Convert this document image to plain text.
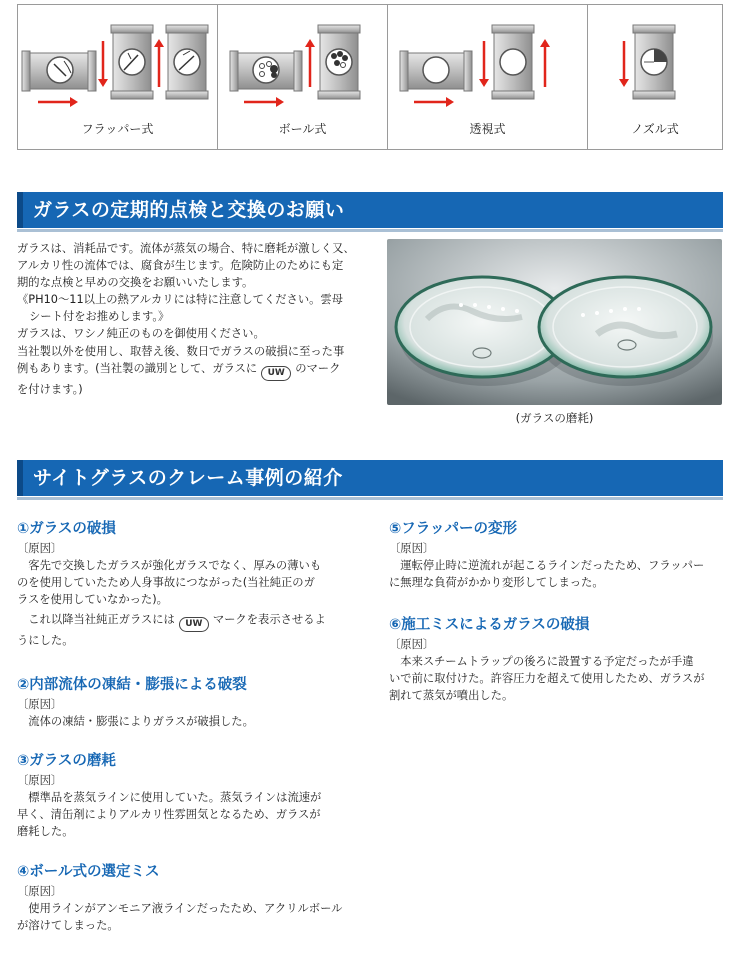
フラッパー式	ボール式	透視式	ノズル式
ガラスの定期的点検と交換のお願い

ガラスは、消耗品です。流体が蒸気の場合、特に磨耗が激しく又、

アルカリ性の流体では、腐食が生じます。危険防止のためにも定

期的な点検と早めの交換をお願いいたします。

《PH10～11以上の熱アルカリには特に注意してください。雲母

シート付をお推めします。》

ガラスは、ワシノ純正のものを御使用ください。

当社製以外を使用し、取替え後、数日でガラスの破損に至った事

例もあります。(当社製の識別として、ガラスに UW のマーク

を付けます。)

(ガラスの磨耗)
サイトグラスのクレーム事例の紹介
①ガラスの破損
〔原因〕

　客先で交換したガラスが強化ガラスでなく、厚みの薄いも

のを使用していたため人身事故につながった(当社純正のガ

ラスを使用していなかった)。

　これ以降当社純正ガラスには UW マークを表示させるよ

うにした。

②内部流体の凍結・膨張による破裂
〔原因〕

　流体の凍結・膨張によりガラスが破損した。

③ガラスの磨耗
〔原因〕

　標準品を蒸気ラインに使用していた。蒸気ラインは流速が

早く、清缶剤によりアルカリ性雰囲気となるため、ガラスが

磨耗した。

④ボール式の選定ミス
〔原因〕

　使用ラインがアンモニア液ラインだったため、アクリルボール

が溶けてしまった。

⑤フラッパーの変形
〔原因〕

　運転停止時に逆流れが起こるラインだったため、フラッパー

に無理な負荷がかかり変形してしまった。

⑥施工ミスによるガラスの破損
〔原因〕

　本来スチームトラップの後ろに設置する予定だったが手違

いで前に取付けた。許容圧力を超えて使用したため、ガラスが

割れて蒸気が噴出した。
